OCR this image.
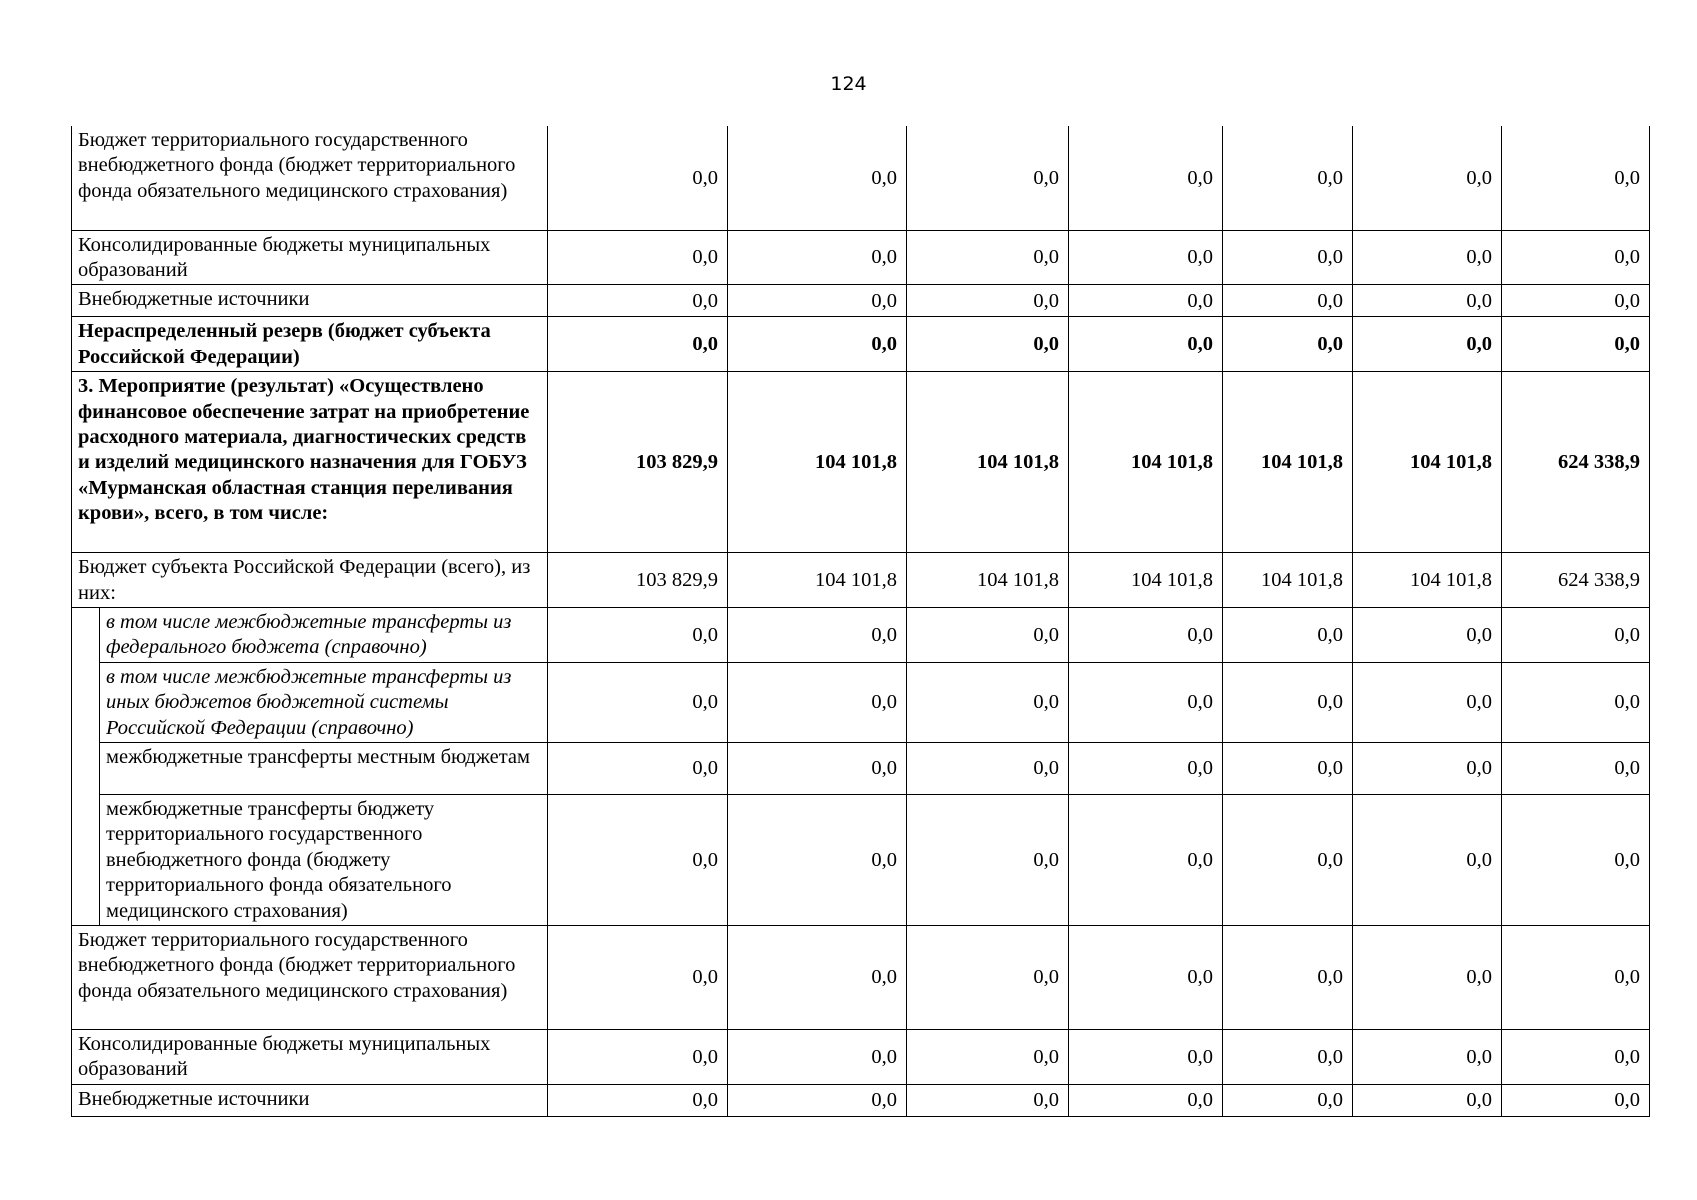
124
Бюджет территориального государственного внебюджетного фонда (бюджет территориального фонда обязательного медицинского страхования)		0,0	0,0	0,0	0,0	0,0	0,0	0,0
Консолидированные бюджеты муниципальных образований		0,0	0,0	0,0	0,0	0,0	0,0	0,0
Внебюджетные источники		0,0	0,0	0,0	0,0	0,0	0,0	0,0
Нераспределенный резерв (бюджет субъекта Российской Федерации)		0,0	0,0	0,0	0,0	0,0	0,0	0,0
3. Мероприятие (результат) «Осуществлено финансовое обеспечение затрат на приобретение расходного материала, диагностических средств и изделий медицинского назначения для ГОБУЗ «Мурманская областная станция переливания крови», всего, в том числе:		103 829,9	104 101,8	104 101,8	104 101,8	104 101,8	104 101,8	624 338,9
Бюджет субъекта Российской Федерации (всего), из них:		103 829,9	104 101,8	104 101,8	104 101,8	104 101,8	104 101,8	624 338,9
	в том числе межбюджетные трансферты из федерального бюджета (справочно)	0,0	0,0	0,0	0,0	0,0	0,0	0,0
	в том числе межбюджетные трансферты из иных бюджетов бюджетной системы Российской Федерации (справочно)	0,0	0,0	0,0	0,0	0,0	0,0	0,0
	межбюджетные трансферты местным бюджетам	0,0	0,0	0,0	0,0	0,0	0,0	0,0
	межбюджетные трансферты бюджету территориального государственного внебюджетного фонда (бюджету территориального фонда обязательного медицинского страхования)	0,0	0,0	0,0	0,0	0,0	0,0	0,0
Бюджет территориального государственного внебюджетного фонда (бюджет территориального фонда обязательного медицинского страхования)		0,0	0,0	0,0	0,0	0,0	0,0	0,0
Консолидированные бюджеты муниципальных образований		0,0	0,0	0,0	0,0	0,0	0,0	0,0
Внебюджетные источники		0,0	0,0	0,0	0,0	0,0	0,0	0,0
